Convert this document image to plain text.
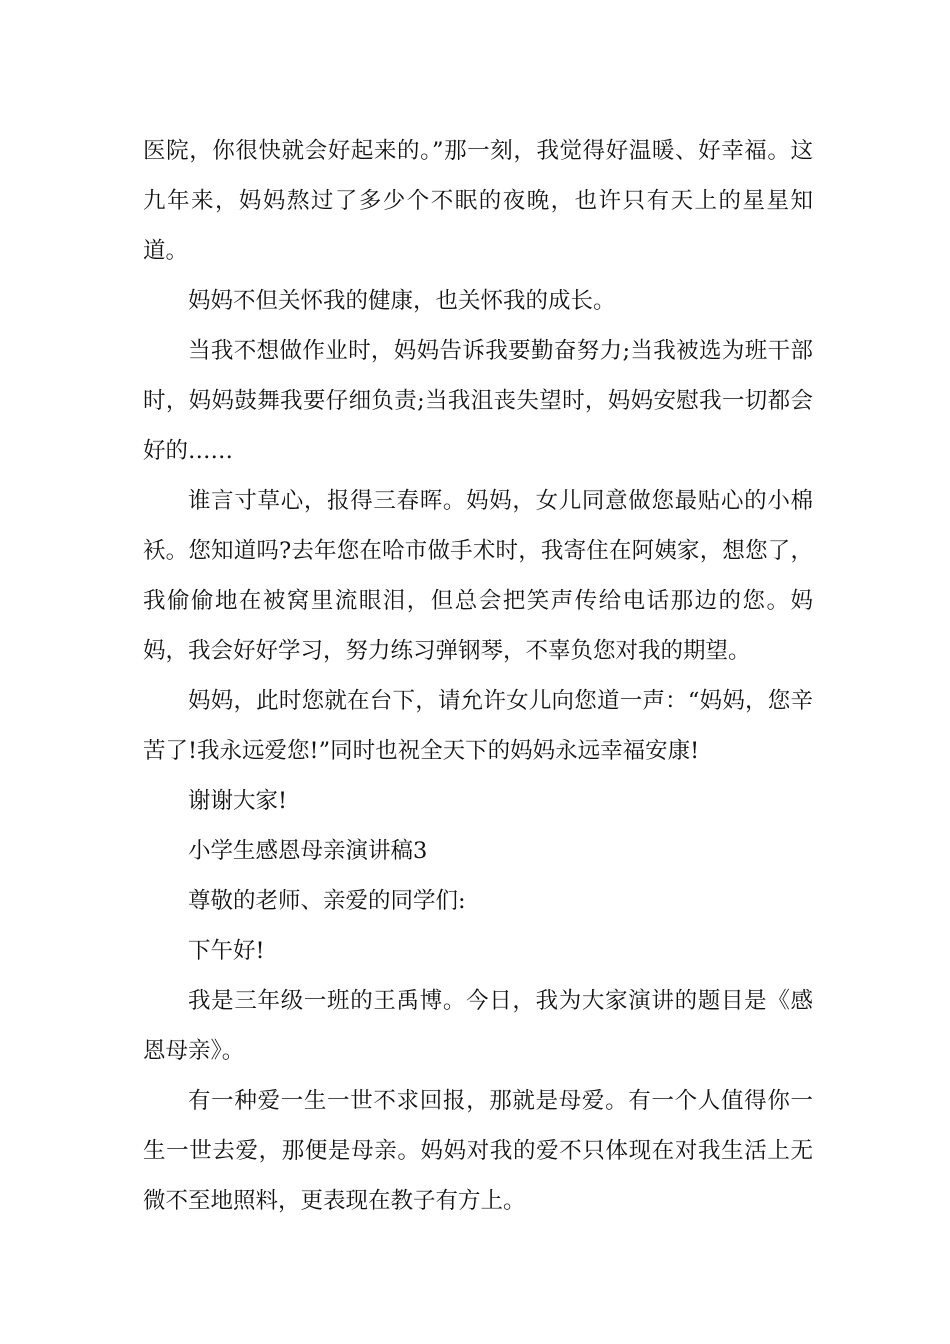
医院，你很快就会好起来的。”那一刻，我觉得好温暖、好幸福。这九年来，妈妈熬过了多少个不眠的夜晚，也许只有天上的星星知道。

妈妈不但关怀我的健康，也关怀我的成长。

当我不想做作业时，妈妈告诉我要勤奋努力;当我被选为班干部时，妈妈鼓舞我要仔细负责;当我沮丧失望时，妈妈安慰我一切都会好的……

谁言寸草心，报得三春晖。妈妈，女儿同意做您最贴心的小棉袄。您知道吗?去年您在哈市做手术时，我寄住在阿姨家，想您了，我偷偷地在被窝里流眼泪，但总会把笑声传给电话那边的您。妈妈，我会好好学习，努力练习弹钢琴，不辜负您对我的期望。

妈妈，此时您就在台下，请允许女儿向您道一声：“妈妈，您辛苦了!我永远爱您!”同时也祝全天下的妈妈永远幸福安康!

谢谢大家!

小学生感恩母亲演讲稿3

尊敬的老师、亲爱的同学们:

下午好!

我是三年级一班的王禹博。今日，我为大家演讲的题目是《感恩母亲》。

有一种爱一生一世不求回报，那就是母爱。有一个人值得你一生一世去爱，那便是母亲。妈妈对我的爱不只体现在对我生活上无微不至地照料，更表现在教子有方上。
